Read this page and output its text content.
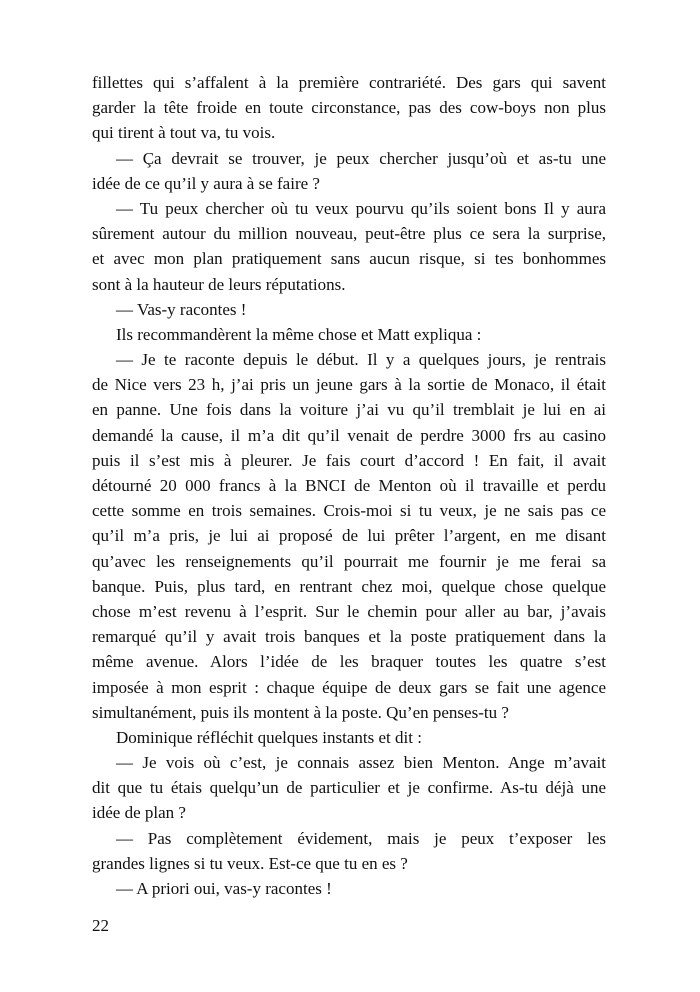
fillettes qui s’affalent à la première contrariété. Des gars qui savent
garder la tête froide en toute circonstance, pas des cow-boys non plus
qui tirent à tout va, tu vois.
— Ça devrait se trouver, je peux chercher jusqu’où et as-tu une
idée de ce qu’il y aura à se faire ?
— Tu peux chercher où tu veux pourvu qu’ils soient bons Il y aura
sûrement autour du million nouveau, peut-être plus ce sera la surprise,
et avec mon plan pratiquement sans aucun risque, si tes bonhommes
sont à la hauteur de leurs réputations.
— Vas-y racontes !
Ils recommandèrent la même chose et Matt expliqua :
— Je te raconte depuis le début. Il y a quelques jours, je rentrais
de Nice vers 23 h, j’ai pris un jeune gars à la sortie de Monaco, il était
en panne. Une fois dans la voiture j’ai vu qu’il tremblait je lui en ai
demandé la cause, il m’a dit qu’il venait de perdre 3000 frs au casino
puis il s’est mis à pleurer. Je fais court d’accord ! En fait, il avait
détourné 20 000 francs à la BNCI de Menton où il travaille et perdu
cette somme en trois semaines. Crois-moi si tu veux, je ne sais pas ce
qu’il m’a pris, je lui ai proposé de lui prêter l’argent, en me disant
qu’avec les renseignements qu’il pourrait me fournir je me ferai sa
banque. Puis, plus tard, en rentrant chez moi, quelque chose quelque
chose m’est revenu à l’esprit. Sur le chemin pour aller au bar, j’avais
remarqué qu’il y avait trois banques et la poste pratiquement dans la
même avenue. Alors l’idée de les braquer toutes les quatre s’est
imposée à mon esprit : chaque équipe de deux gars se fait une agence
simultanément, puis ils montent à la poste. Qu’en penses-tu ?
Dominique réfléchit quelques instants et dit :
— Je vois où c’est, je connais assez bien Menton. Ange m’avait
dit que tu étais quelqu’un de particulier et je confirme. As-tu déjà une
idée de plan ?
— Pas complètement évidement, mais je peux t’exposer les
grandes lignes si tu veux. Est-ce que tu en es ?
— A priori oui, vas-y racontes !
22
